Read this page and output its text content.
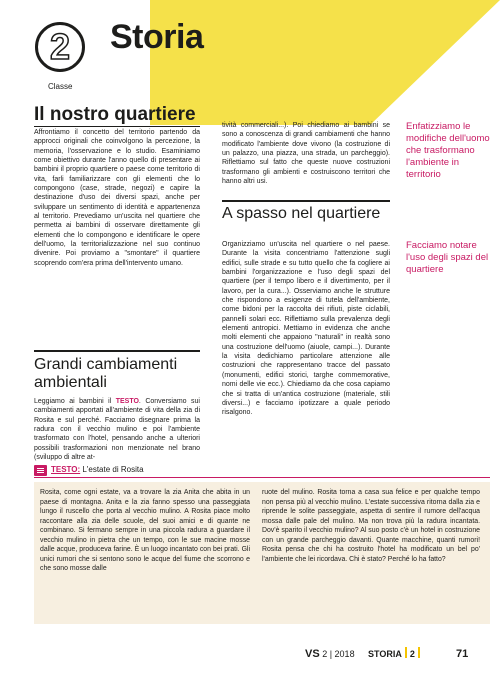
2
Classe
Storia
Il nostro quartiere

Affrontiamo il concetto del territorio partendo da approcci originali che coinvolgono la percezione, la memoria, l'osservazione e lo studio. Esaminiamo come obiettivo durante l'anno quello di presentare ai bambini il proprio quartiere o paese come territorio di vita, farli familiarizzare con gli elementi che lo compongono (case, strade, negozi) e capire la destinazione d'uso dei diversi spazi, anche per sviluppare un sentimento di identità e appartenenza al territorio. Prevediamo un'uscita nel quartiere che permetta ai bambini di osservare direttamente gli elementi che lo compongono e identificare le opere dell'uomo, la territorializzazione nel suo continuo divenire. Poi proviamo a "smontare" il quartiere scoprendo com'era prima dell'intervento umano.

Grandi cambiamenti
ambientali

Leggiamo ai bambini il TESTO. Conversiamo sui cambiamenti apportati all'ambiente di vita della zia di Rosita e sul perché. Facciamo disegnare prima la radura con il vecchio mulino e poi l'ambiente trasformato con l'hotel, pensando anche a ulteriori possibili trasformazioni non menzionate nel brano (sviluppo di altre at-

tività commerciali...). Poi chiediamo ai bambini se sono a conoscenza di grandi cambiamenti che hanno modificato l'ambiente dove vivono (la costruzione di un palazzo, una piazza, una strada, un parcheggio). Riflettiamo sul fatto che queste nuove costruzioni trasformano gli ambienti e costruiscono territori che hanno altri usi.

A spasso nel quartiere

Organizziamo un'uscita nel quartiere o nel paese. Durante la visita concentriamo l'attenzione sugli edifici, sulle strade e su tutto quello che fa cogliere ai bambini l'organizzazione e l'uso degli spazi del quartiere (per il tempo libero e il divertimento, per il lavoro, per la cura...). Osserviamo anche le strutture che rispondono a esigenze di tutela dell'ambiente, come bidoni per la raccolta dei rifiuti, piste ciclabili, pannelli solari ecc. Riflettiamo sulla prevalenza degli elementi antropici. Mettiamo in evidenza che anche molti elementi che appaiono "naturali" in realtà sono una costruzione dell'uomo (aiuole, campi...). Durante la visita dedichiamo particolare attenzione alle costruzioni che rappresentano tracce del passato (monumenti, edifici storici, targhe commemorative, nomi delle vie ecc.). Chiediamo da che cosa capiamo che si tratta di un'antica costruzione (materiale, stili diversi...) e facciamo ipotizzare a quale periodo risalgono.

Enfatizziamo le modifiche dell'uomo che trasformano l'ambiente in territorio

Facciamo notare l'uso degli spazi del quartiere

TESTO: L'estate di Rosita

Rosita, come ogni estate, va a trovare la zia Anita che abita in un paese di montagna. Anita e la zia fanno spesso una passeggiata lungo il ruscello che porta al vecchio mulino. A Rosita piace molto raccontare alla zia delle scuole, del suoi amici e di quante ne combinano. Si fermano sempre in una piccola radura a guardare il vecchio mulino in pietra che un tempo, con le sue macine mosse dalle acque, produceva farine. È un luogo incantato con bei prati. Gli unici rumori che si sentono sono le acque del fiume che scorrono e che sono mosse dalle

ruote del mulino. Rosita torna a casa sua felice e per qualche tempo non pensa più al vecchio mulino. L'estate successiva ritorna dalla zia e riprende le solite passeggiate, aspetta di sentire il rumore dell'acqua mossa dalle pale del mulino. Ma non trova più la radura incantata. Dov'è sparito il vecchio mulino? Al suo posto c'è un hotel in costruzione con un grande parcheggio davanti. Quante macchine, quanti rumori! Rosita pensa che chi ha costruito l'hotel ha modificato un bel po' l'ambiente che lei ricordava. Chi è stato? Perché lo ha fatto?

VS 2 | 2018 STORIA 2	71
